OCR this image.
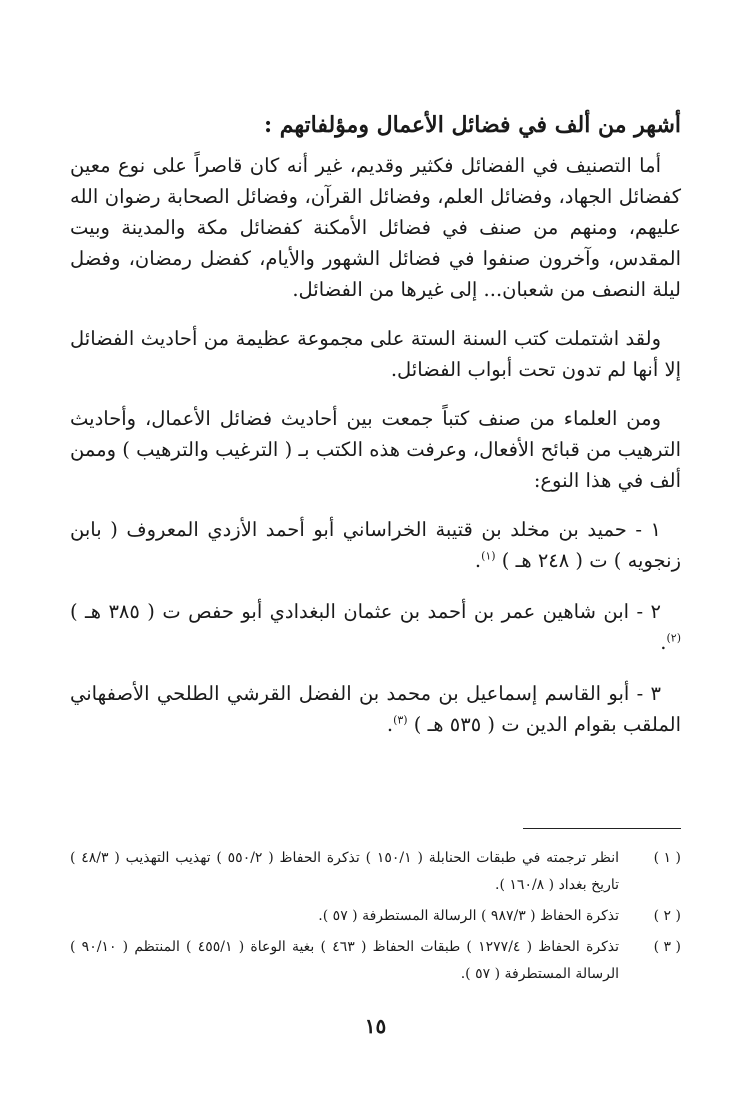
أشهر من ألف في فضائل الأعمال ومؤلفاتهم :

أما التصنيف في الفضائل فكثير وقديم، غير أنه كان قاصراً على نوع معين كفضائل الجهاد، وفضائل العلم، وفضائل القرآن، وفضائل الصحابة رضوان الله عليهم، ومنهم من صنف في فضائل الأمكنة كفضائل مكة والمدينة وبيت المقدس، وآخرون صنفوا في فضائل الشهور والأيام، كفضل رمضان، وفضل ليلة النصف من شعبان... إلى غيرها من الفضائل.

ولقد اشتملت كتب السنة الستة على مجموعة عظيمة من أحاديث الفضائل إلا أنها لم تدون تحت أبواب الفضائل.

ومن العلماء من صنف كتباً جمعت بين أحاديث فضائل الأعمال، وأحاديث الترهيب من قبائح الأفعال، وعرفت هذه الكتب بـ ( الترغيب والترهيب ) وممن ألف في هذا النوع:

١ - حميد بن مخلد بن قتيبة الخراساني أبو أحمد الأزدي المعروف ( بابن زنجويه ) ت ( ٢٤٨ هـ ) $^{(١)}$.

٢ - ابن شاهين عمر بن أحمد بن عثمان البغدادي أبو حفص ت ( ٣٨٥ هـ ) $^{(٢)}$.

٣ - أبو القاسم إسماعيل بن محمد بن الفضل القرشي الطلحي الأصفهاني الملقب بقوام الدين ت ( ٥٣٥ هـ ) $^{(٣)}$.

( ١ )
انظر ترجمته في طبقات الحنابلة ( ١٥٠/١ ) تذكرة الحفاظ ( ٥٥٠/٢ ) تهذيب التهذيب ( ٤٨/٣ ) تاريخ بغداد ( ١٦٠/٨ ).
( ٢ )
تذكرة الحفاظ ( ٩٨٧/٣ ) الرسالة المستطرفة ( ٥٧ ).
( ٣ )
تذكرة الحفاظ ( ١٢٧٧/٤ ) طبقات الحفاظ ( ٤٦٣ ) بغية الوعاة ( ٤٥٥/١ ) المنتظم ( ٩٠/١٠ ) الرسالة المستطرفة ( ٥٧ ).
١٥
